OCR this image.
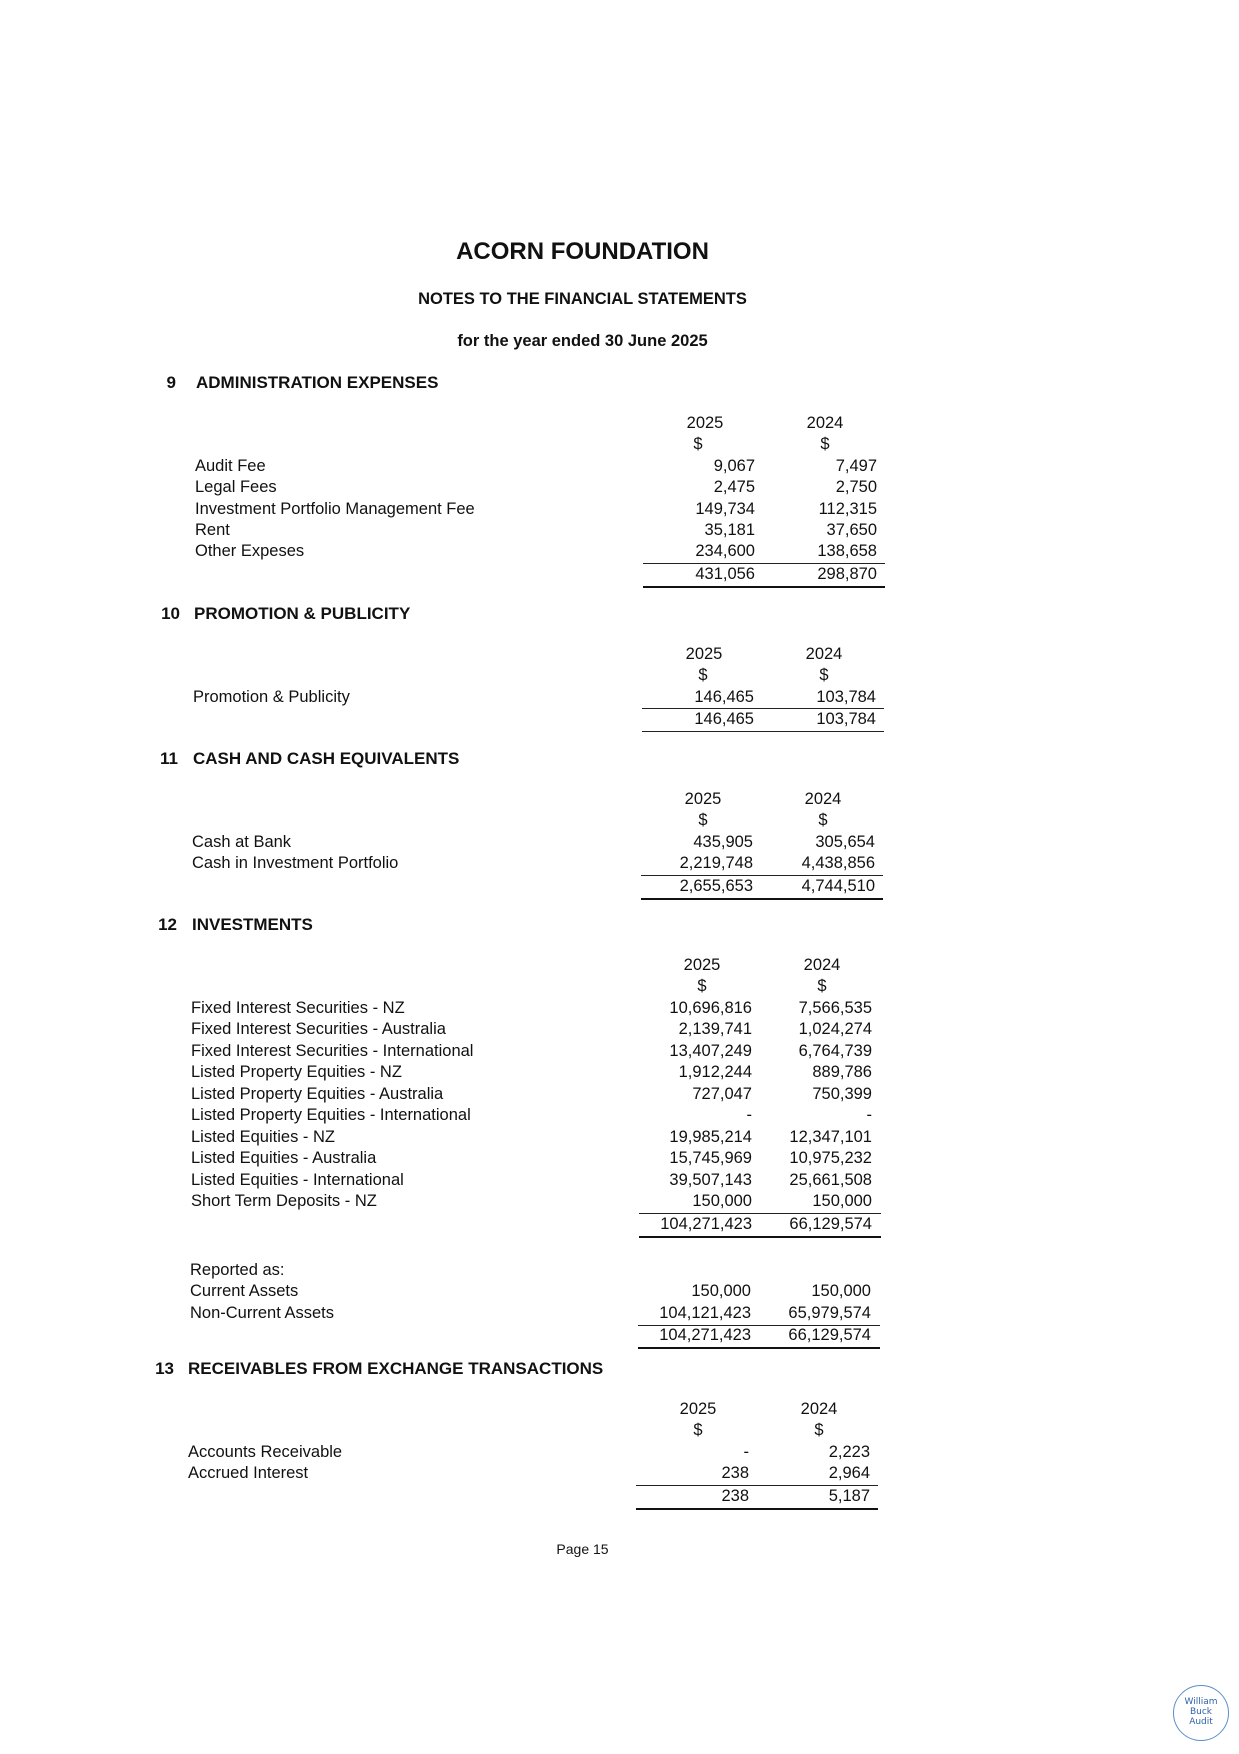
ACORN FOUNDATION
NOTES TO THE FINANCIAL STATEMENTS
for the year ended 30 June 2025
9 ADMINISTRATION EXPENSES
2025	2024
$	$
Audit Fee	9,067	7,497
Legal Fees	2,475	2,750
Investment Portfolio Management Fee	149,734	112,315
Rent	35,181	37,650
Other Expeses	234,600	138,658
431,056	298,870
10 PROMOTION & PUBLICITY
2025	2024
$	$
Promotion & Publicity	146,465	103,784
146,465	103,784
11 CASH AND CASH EQUIVALENTS
2025	2024
$	$
Cash at Bank	435,905	305,654
Cash in Investment Portfolio	2,219,748	4,438,856
2,655,653	4,744,510
12 INVESTMENTS
2025	2024
$	$
Fixed Interest Securities - NZ	10,696,816	7,566,535
Fixed Interest Securities - Australia	2,139,741	1,024,274
Fixed Interest Securities - International	13,407,249	6,764,739
Listed Property Equities - NZ	1,912,244	889,786
Listed Property Equities - Australia	727,047	750,399
Listed Property Equities - International	-	-
Listed Equities - NZ	19,985,214	12,347,101
Listed Equities - Australia	15,745,969	10,975,232
Listed Equities - International	39,507,143	25,661,508
Short Term Deposits - NZ	150,000	150,000
104,271,423	66,129,574
Reported as:
Current Assets	150,000	150,000
Non-Current Assets	104,121,423	65,979,574
104,271,423	66,129,574
13 RECEIVABLES FROM EXCHANGE TRANSACTIONS
2025	2024
$	$
Accounts Receivable	-	2,223
Accrued Interest	238	2,964
238	5,187
Page 15
William
Buck
Audit
